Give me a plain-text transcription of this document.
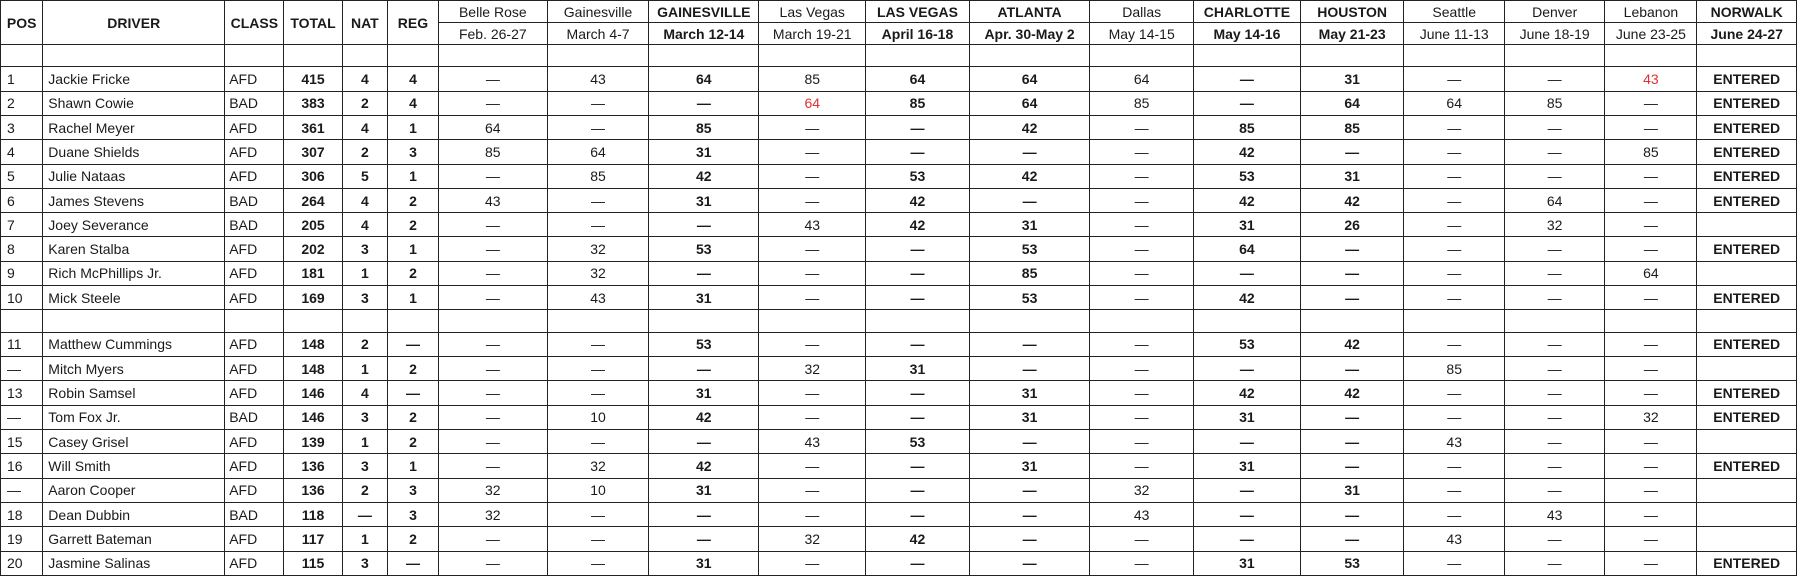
POS	DRIVER	CLASS	TOTAL	NAT	REG	Belle Rose	Gainesville	GAINESVILLE	Las Vegas	LAS VEGAS	ATLANTA	Dallas	CHARLOTTE	HOUSTON	Seattle	Denver	Lebanon	NORWALK
						Feb. 26-27	March 4-7	March 12-14	March 19-21	April 16-18	Apr. 30-May 2	May 14-15	May 14-16	May 21-23	June 11-13	June 18-19	June 23-25	June 24-27

1	Jackie Fricke	AFD	415	4	4	—	43	64	85	64	64	64	—	31	—	—	43	ENTERED
2	Shawn Cowie	BAD	383	2	4	—	—	—	64	85	64	85	—	64	64	85	—	ENTERED
3	Rachel Meyer	AFD	361	4	1	64	—	85	—	—	42	—	85	85	—	—	—	ENTERED
4	Duane Shields	AFD	307	2	3	85	64	31	—	—	—	—	42	—	—	—	85	ENTERED
5	Julie Nataas	AFD	306	5	1	—	85	42	—	53	42	—	53	31	—	—	—	ENTERED
6	James Stevens	BAD	264	4	2	43	—	31	—	42	—	—	42	42	—	64	—	ENTERED
7	Joey Severance	BAD	205	4	2	—	—	—	43	42	31	—	31	26	—	32	—	
8	Karen Stalba	AFD	202	3	1	—	32	53	—	—	53	—	64	—	—	—	—	ENTERED
9	Rich McPhillips Jr.	AFD	181	1	2	—	32	—	—	—	85	—	—	—	—	—	64	
10	Mick Steele	AFD	169	3	1	—	43	31	—	—	53	—	42	—	—	—	—	ENTERED

11	Matthew Cummings	AFD	148	2	—	—	—	53	—	—	—	—	53	42	—	—	—	ENTERED
—	Mitch Myers	AFD	148	1	2	—	—	—	32	31	—	—	—	—	85	—	—	
13	Robin Samsel	AFD	146	4	—	—	—	31	—	—	31	—	42	42	—	—	—	ENTERED
—	Tom Fox Jr.	BAD	146	3	2	—	10	42	—	—	31	—	31	—	—	—	32	ENTERED
15	Casey Grisel	AFD	139	1	2	—	—	—	43	53	—	—	—	—	43	—	—	
16	Will Smith	AFD	136	3	1	—	32	42	—	—	31	—	31	—	—	—	—	ENTERED
—	Aaron Cooper	AFD	136	2	3	32	10	31	—	—	—	32	—	31	—	—	—	
18	Dean Dubbin	BAD	118	—	3	32	—	—	—	—	—	43	—	—	—	43	—	
19	Garrett Bateman	AFD	117	1	2	—	—	—	32	42	—	—	—	—	43	—	—	
20	Jasmine Salinas	AFD	115	3	—	—	—	31	—	—	—	—	31	53	—	—	—	ENTERED
